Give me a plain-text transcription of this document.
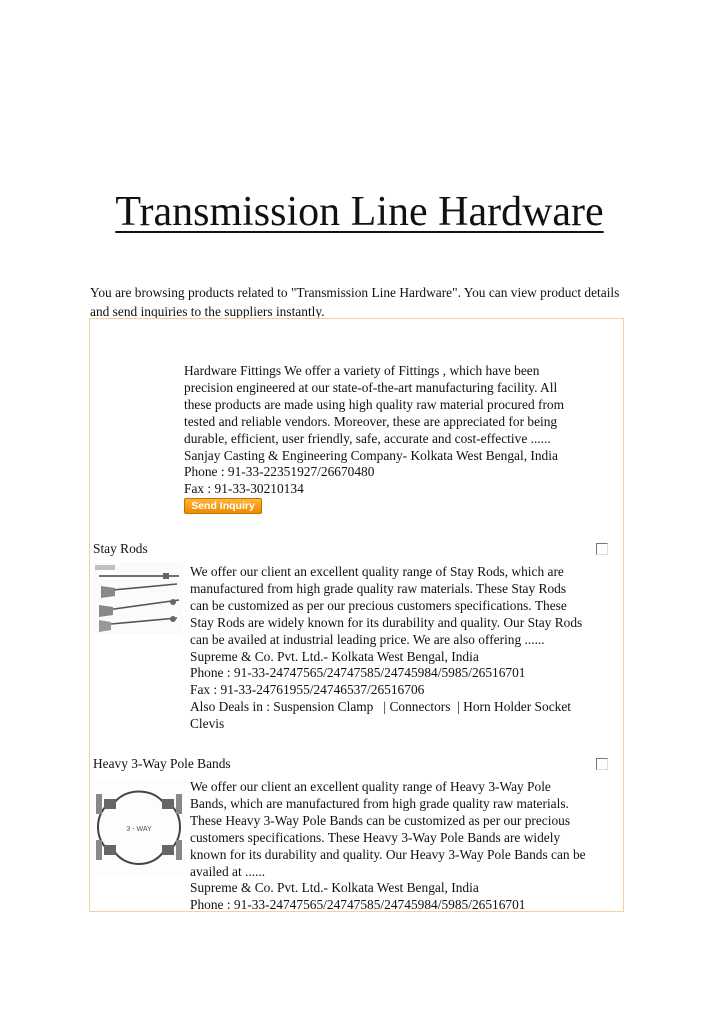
Transmission Line Hardware
You are browsing products related to "Transmission Line Hardware". You can view product details and send inquiries to the suppliers instantly.
Hardware Fittings We offer a variety of Fittings , which have been
precision engineered at our state-of-the-art manufacturing facility. All
these products are made using high quality raw material procured from
tested and reliable vendors. Moreover, these are appreciated for being
durable, efficient, user friendly, safe, accurate and cost-effective ......
Sanjay Casting & Engineering Company- Kolkata West Bengal, India
Phone : 91-33-22351927/26670480
Fax : 91-33-30210134
Send Inquiry
Stay Rods
We offer our client an excellent quality range of Stay Rods, which are
manufactured from high grade quality raw materials. These Stay Rods
can be customized as per our precious customers specifications. These
Stay Rods are widely known for its durability and quality. Our Stay Rods
can be availed at industrial leading price. We are also offering ......
Supreme & Co. Pvt. Ltd.- Kolkata West Bengal, India
Phone : 91-33-24747565/24747585/24745984/5985/26516701
Fax : 91-33-24761955/24746537/26516706
Also Deals in : Suspension Clamp   | Connectors  | Horn Holder Socket
Clevis
Heavy 3-Way Pole Bands
3 - WAY
We offer our client an excellent quality range of Heavy 3-Way Pole
Bands, which are manufactured from high grade quality raw materials.
These Heavy 3-Way Pole Bands can be customized as per our precious
customers specifications. These Heavy 3-Way Pole Bands are widely
known for its durability and quality. Our Heavy 3-Way Pole Bands can be
availed at ......
Supreme & Co. Pvt. Ltd.- Kolkata West Bengal, India
Phone : 91-33-24747565/24747585/24745984/5985/26516701
